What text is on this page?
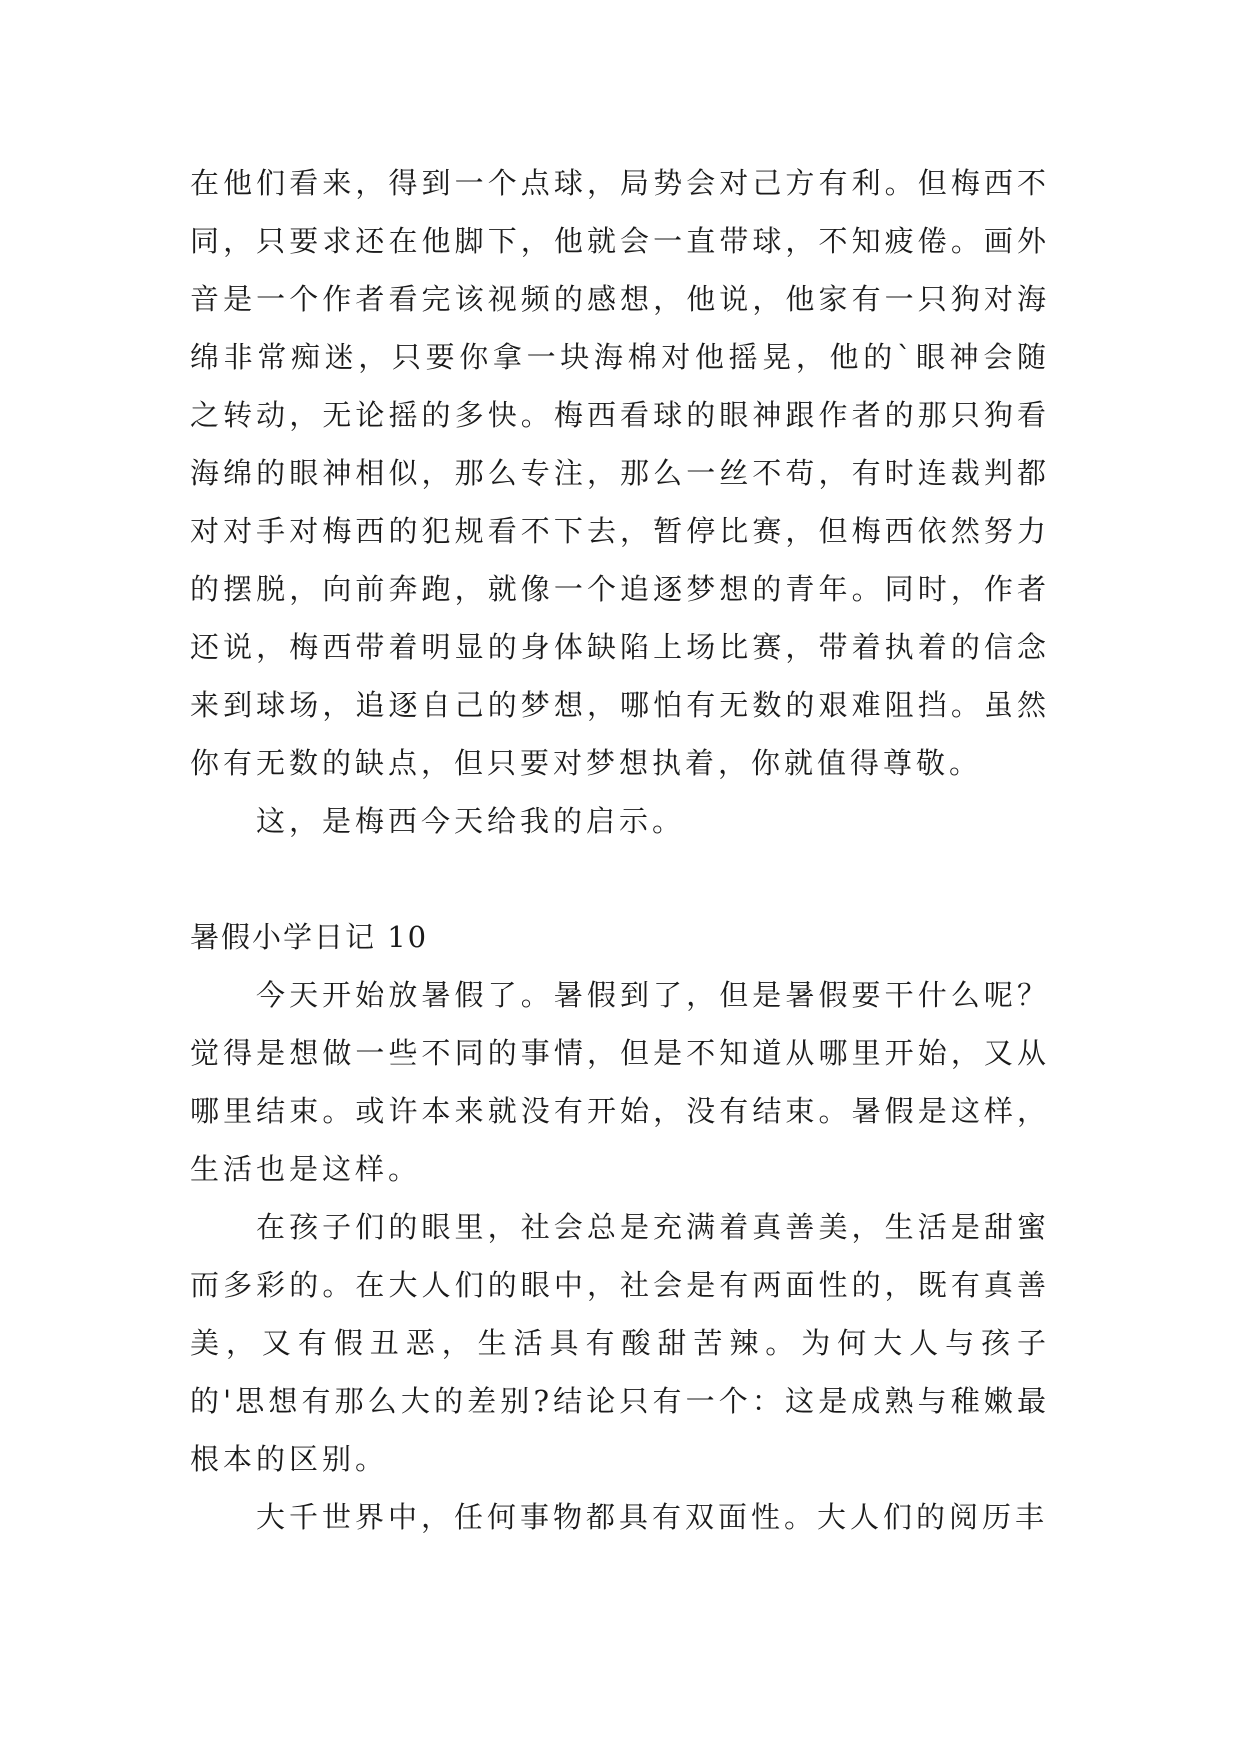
在他们看来，得到一个点球，局势会对己方有利。但梅西不同，只要求还在他脚下，他就会一直带球，不知疲倦。画外音是一个作者看完该视频的感想，他说，他家有一只狗对海绵非常痴迷，只要你拿一块海棉对他摇晃，他的`眼神会随之转动，无论摇的多快。梅西看球的眼神跟作者的那只狗看海绵的眼神相似，那么专注，那么一丝不苟，有时连裁判都对对手对梅西的犯规看不下去，暂停比赛，但梅西依然努力的摆脱，向前奔跑，就像一个追逐梦想的青年。同时，作者还说，梅西带着明显的身体缺陷上场比赛，带着执着的信念来到球场，追逐自己的梦想，哪怕有无数的艰难阻挡。虽然你有无数的缺点，但只要对梦想执着，你就值得尊敬。

这，是梅西今天给我的启示。

暑假小学日记 10

今天开始放暑假了。暑假到了，但是暑假要干什么呢？觉得是想做一些不同的事情，但是不知道从哪里开始，又从哪里结束。或许本来就没有开始，没有结束。暑假是这样，生活也是这样。

在孩子们的眼里，社会总是充满着真善美，生活是甜蜜而多彩的。在大人们的眼中，社会是有两面性的，既有真善美，又有假丑恶，生活具有酸甜苦辣。为何大人与孩子的'思想有那么大的差别?结论只有一个：这是成熟与稚嫩最根本的区别。

大千世界中，任何事物都具有双面性。大人们的阅历丰
